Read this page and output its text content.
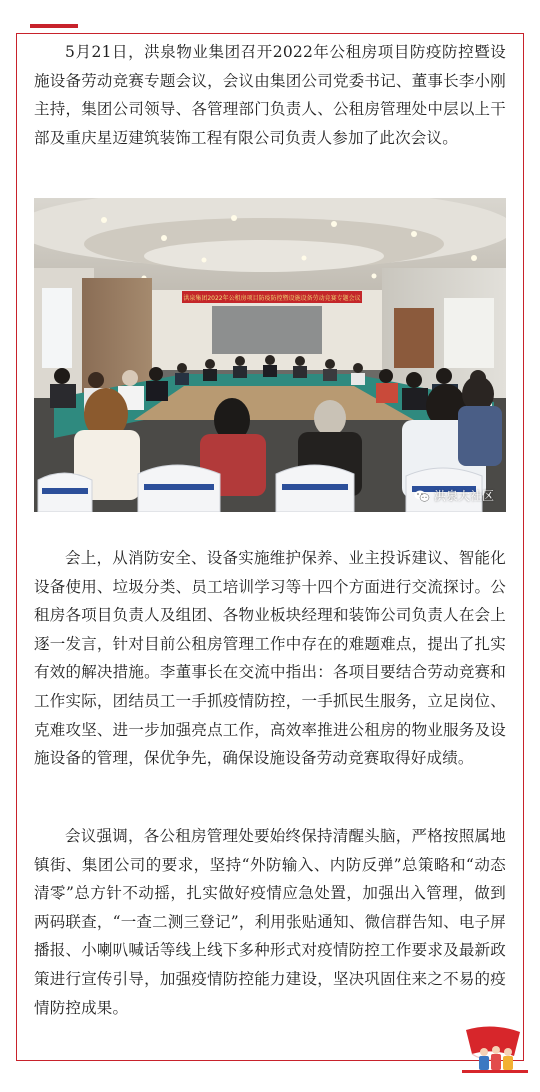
5月21日，洪泉物业集团召开2022年公租房项目防疫防控暨设施设备劳动竞赛专题会议，会议由集团公司党委书记、董事长李小刚主持，集团公司领导、各管理部门负责人、公租房管理处中层以上干部及重庆星迈建筑装饰工程有限公司负责人参加了此次会议。

洪泉集团2022年公租房项目防疫防控暨设施设备劳动竞赛专题会议
洪泉大社区

会上，从消防安全、设备实施维护保养、业主投诉建议、智能化设备使用、垃圾分类、员工培训学习等十四个方面进行交流探讨。公租房各项目负责人及组团、各物业板块经理和装饰公司负责人在会上逐一发言，针对目前公租房管理工作中存在的难题难点，提出了扎实有效的解决措施。李董事长在交流中指出：各项目要结合劳动竞赛和工作实际，团结员工一手抓疫情防控，一手抓民生服务，立足岗位、克难攻坚、进一步加强亮点工作，高效率推进公租房的物业服务及设施设备的管理，保优争先，确保设施设备劳动竞赛取得好成绩。

会议强调，各公租房管理处要始终保持清醒头脑，严格按照属地镇街、集团公司的要求，坚持“外防输入、内防反弹”总策略和“动态清零”总方针不动摇，扎实做好疫情应急处置，加强出入管理，做到两码联查，“一查二测三登记”，利用张贴通知、微信群告知、电子屏播报、小喇叭喊话等线上线下多种形式对疫情防控工作要求及最新政策进行宣传引导，加强疫情防控能力建设，坚决巩固住来之不易的疫情防控成果。
